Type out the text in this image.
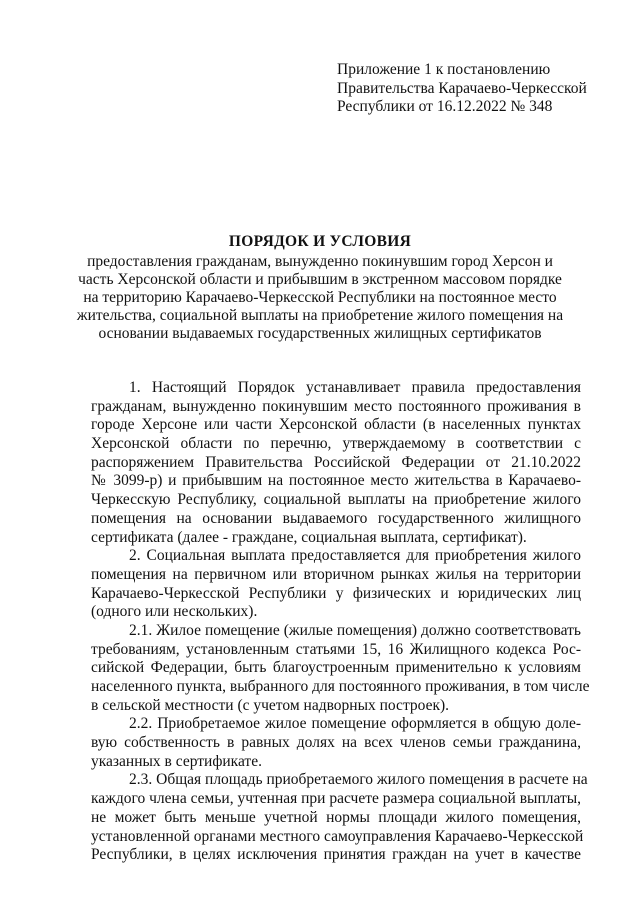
Приложение 1 к постановлению
Правительства Карачаево-Черкесской
Республики от 16.12.2022 № 348
ПОРЯДОК И УСЛОВИЯ
предоставления гражданам, вынужденно покинувшим город Херсон и
часть Херсонской области и прибывшим в экстренном массовом порядке
на территорию Карачаево-Черкесской Республики на постоянное место
жительства, социальной выплаты на приобретение жилого помещения на
основании выдаваемых государственных жилищных сертификатов
1. Настоящий Порядок устанавливает правила предоставления
гражданам, вынужденно покинувшим место постоянного проживания в
городе Херсоне или части Херсонской области (в населенных пунктах
Херсонской области по перечню, утверждаемому в соответствии с
распоряжением Правительства Российской Федерации от 21.10.2022
№ 3099-р) и прибывшим на постоянное место жительства в Карачаево-
Черкесскую Республику, социальной выплаты на приобретение жилого
помещения на основании выдаваемого государственного жилищного
сертификата (далее - граждане, социальная выплата, сертификат).
2. Социальная выплата предоставляется для приобретения жилого
помещения на первичном или вторичном рынках жилья на территории
Карачаево-Черкесской Республики у физических и юридических лиц
(одного или нескольких).
2.1. Жилое помещение (жилые помещения) должно соответствовать
требованиям, установленным статьями 15, 16 Жилищного кодекса Рос-
сийской Федерации, быть благоустроенным применительно к условиям
населенного пункта, выбранного для постоянного проживания, в том числе
в сельской местности (с учетом надворных построек).
2.2. Приобретаемое жилое помещение оформляется в общую доле-
вую собственность в равных долях на всех членов семьи гражданина,
указанных в сертификате.
2.3. Общая площадь приобретаемого жилого помещения в расчете на
каждого члена семьи, учтенная при расчете размера социальной выплаты,
не может быть меньше учетной нормы площади жилого помещения,
установленной органами местного самоуправления Карачаево-Черкесской
Республики, в целях исключения принятия граждан на учет в качестве
